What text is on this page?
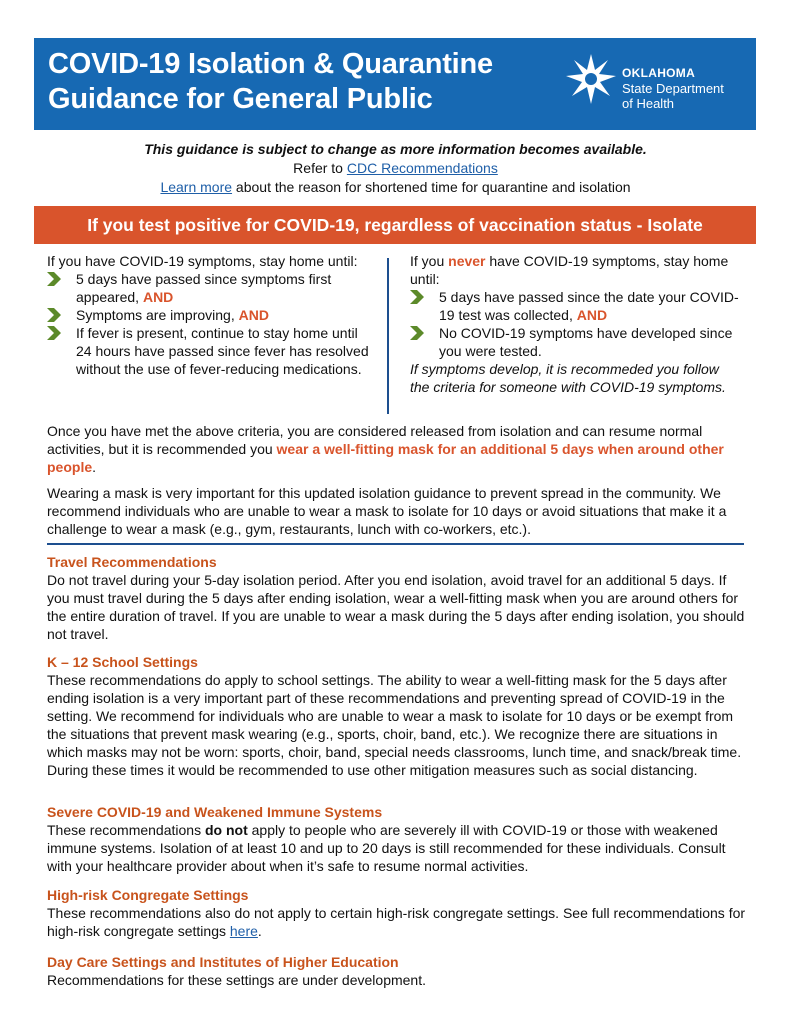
COVID-19 Isolation & Quarantine
Guidance for General Public
OKLAHOMA
State Department
of Health
This guidance is subject to change as more information becomes available.
Refer to CDC Recommendations
Learn more about the reason for shortened time for quarantine and isolation
If you test positive for COVID-19, regardless of vaccination status - Isolate
If you have COVID-19 symptoms, stay home until:
5 days have passed since symptoms first appeared, AND
Symptoms are improving, AND
If fever is present, continue to stay home until 24 hours have passed since fever has resolved without the use of fever-reducing medications.
If you never have COVID-19 symptoms, stay home until:
5 days have passed since the date your COVID-19 test was collected, AND
No COVID-19 symptoms have developed since you were tested.
If symptoms develop, it is recommeded you follow the criteria for someone with COVID-19 symptoms.
Once you have met the above criteria, you are considered released from isolation and can resume normal activities, but it is recommended you wear a well-fitting mask for an additional 5 days when around other people.
Wearing a mask is very important for this updated isolation guidance to prevent spread in the community. We recommend individuals who are unable to wear a mask to isolate for 10 days or avoid situations that make it a challenge to wear a mask (e.g., gym, restaurants, lunch with co-workers, etc.).
Travel Recommendations
Do not travel during your 5-day isolation period. After you end isolation, avoid travel for an additional 5 days. If you must travel during the 5 days after ending isolation, wear a well-fitting mask when you are around others for the entire duration of travel. If you are unable to wear a mask during the 5 days after ending isolation, you should not travel.
K – 12 School Settings
These recommendations do apply to school settings. The ability to wear a well-fitting mask for the 5 days after ending isolation is a very important part of these recommendations and preventing spread of COVID-19 in the setting. We recommend for individuals who are unable to wear a mask to isolate for 10 days or be exempt from the situations that prevent mask wearing (e.g., sports, choir, band, etc.). We recognize there are situations in which masks may not be worn: sports, choir, band, special needs classrooms, lunch time, and snack/break time. During these times it would be recommended to use other mitigation measures such as social distancing.
Severe COVID-19 and Weakened Immune Systems
These recommendations do not apply to people who are severely ill with COVID-19 or those with weakened immune systems. Isolation of at least 10 and up to 20 days is still recommended for these individuals. Consult with your healthcare provider about when it’s safe to resume normal activities.
High-risk Congregate Settings
These recommendations also do not apply to certain high-risk congregate settings. See full recommendations for high-risk congregate settings here.
Day Care Settings and Institutes of Higher Education
Recommendations for these settings are under development.
